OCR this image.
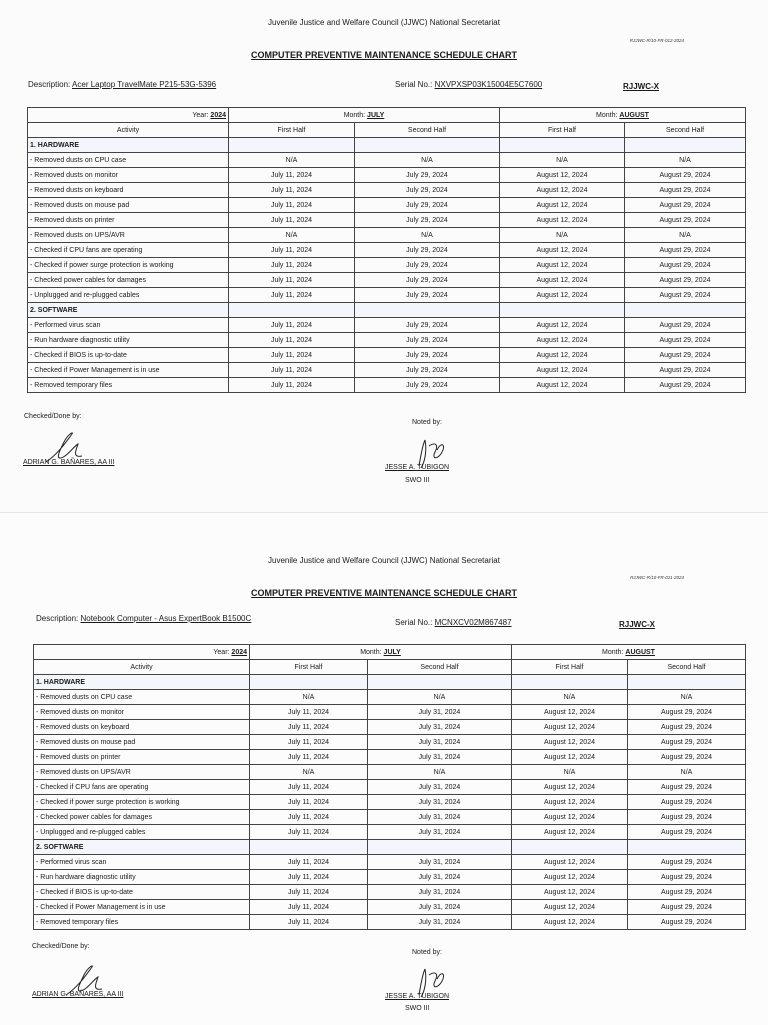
Juvenile Justice and Welfare Council (JJWC) National Secretariat
RJJWC-R/10-FR-012-2024
COMPUTER PREVENTIVE MAINTENANCE SCHEDULE CHART
Description: Acer Laptop TravelMate P215-53G-5396	Serial No.: NXVPXSP03K15004E5C7600	RJJWC-X
Year: 2024	Month: JULY		Month: AUGUST	
Activity	First Half	Second Half	First Half	Second Half
1. HARDWARE				
- Removed dusts on CPU case	N/A	N/A	N/A	N/A
- Removed dusts on monitor	July 11, 2024	July 29, 2024	August 12, 2024	August 29, 2024
- Removed dusts on keyboard	July 11, 2024	July 29, 2024	August 12, 2024	August 29, 2024
- Removed dusts on mouse pad	July 11, 2024	July 29, 2024	August 12, 2024	August 29, 2024
- Removed dusts on printer	July 11, 2024	July 29, 2024	August 12, 2024	August 29, 2024
- Removed dusts on UPS/AVR	N/A	N/A	N/A	N/A
- Checked if CPU fans are operating	July 11, 2024	July 29, 2024	August 12, 2024	August 29, 2024
- Checked if power surge protection is working	July 11, 2024	July 29, 2024	August 12, 2024	August 29, 2024
- Checked power cables for damages	July 11, 2024	July 29, 2024	August 12, 2024	August 29, 2024
- Unplugged and re-plugged cables	July 11, 2024	July 29, 2024	August 12, 2024	August 29, 2024
2. SOFTWARE				
- Performed virus scan	July 11, 2024	July 29, 2024	August 12, 2024	August 29, 2024
- Run hardware diagnostic utility	July 11, 2024	July 29, 2024	August 12, 2024	August 29, 2024
- Checked if BIOS is up-to-date	July 11, 2024	July 29, 2024	August 12, 2024	August 29, 2024
- Checked if Power Management is in use	July 11, 2024	July 29, 2024	August 12, 2024	August 29, 2024
- Removed temporary files	July 11, 2024	July 29, 2024	August 12, 2024	August 29, 2024
Checked/Done by:
ADRIAN G. BAÑARES, AA III
Noted by:
JESSE A. TUBIGON
SWO III
Juvenile Justice and Welfare Council (JJWC) National Secretariat
RJJWC-R/10-FR-011-2024
COMPUTER PREVENTIVE MAINTENANCE SCHEDULE CHART
Description: Notebook Computer - Asus ExpertBook B1500C	Serial No.: MCNXCV02M867487	RJJWC-X
Year: 2024	Month: JULY		Month: AUGUST	
Activity	First Half	Second Half	First Half	Second Half
1. HARDWARE				
- Removed dusts on CPU case	N/A	N/A	N/A	N/A
- Removed dusts on monitor	July 11, 2024	July 31, 2024	August 12, 2024	August 29, 2024
- Removed dusts on keyboard	July 11, 2024	July 31, 2024	August 12, 2024	August 29, 2024
- Removed dusts on mouse pad	July 11, 2024	July 31, 2024	August 12, 2024	August 29, 2024
- Removed dusts on printer	July 11, 2024	July 31, 2024	August 12, 2024	August 29, 2024
- Removed dusts on UPS/AVR	N/A	N/A	N/A	N/A
- Checked if CPU fans are operating	July 11, 2024	July 31, 2024	August 12, 2024	August 29, 2024
- Checked if power surge protection is working	July 11, 2024	July 31, 2024	August 12, 2024	August 29, 2024
- Checked power cables for damages	July 11, 2024	July 31, 2024	August 12, 2024	August 29, 2024
- Unplugged and re-plugged cables	July 11, 2024	July 31, 2024	August 12, 2024	August 29, 2024
2. SOFTWARE				
- Performed virus scan	July 11, 2024	July 31, 2024	August 12, 2024	August 29, 2024
- Run hardware diagnostic utility	July 11, 2024	July 31, 2024	August 12, 2024	August 29, 2024
- Checked if BIOS is up-to-date	July 11, 2024	July 31, 2024	August 12, 2024	August 29, 2024
- Checked if Power Management is in use	July 11, 2024	July 31, 2024	August 12, 2024	August 29, 2024
- Removed temporary files	July 11, 2024	July 31, 2024	August 12, 2024	August 29, 2024
Checked/Done by:
ADRIAN G. BAÑARES, AA III
Noted by:
JESSE A. TUBIGON
SWO III
